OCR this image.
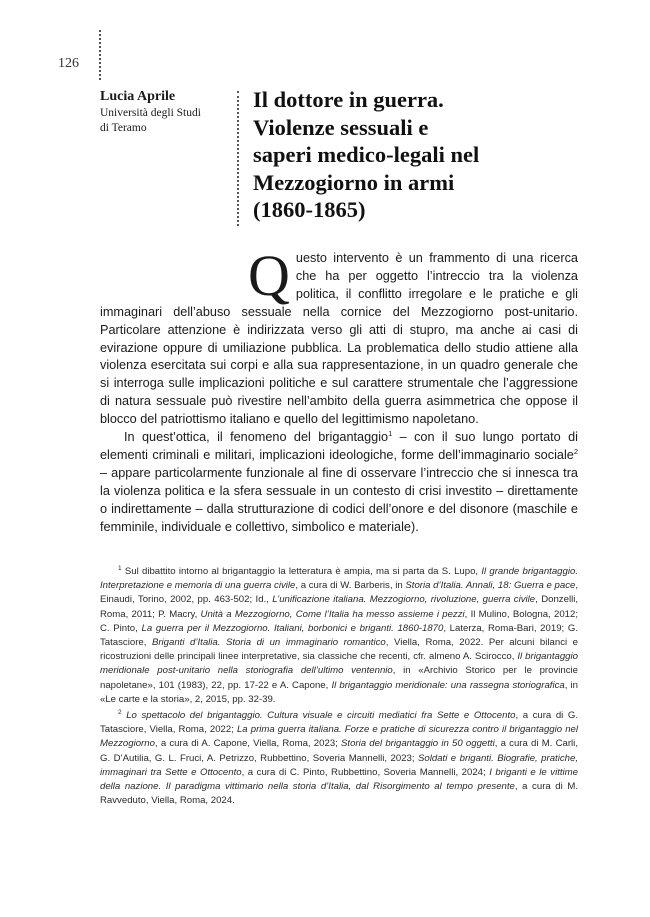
126
Lucia Aprile
Università degli Studi
di Teramo
Il dottore in guerra.
Violenze sessuali e
saperi medico-legali nel
Mezzogiorno in armi
(1860-1865)

Questo intervento è un frammento di una ricerca che ha per oggetto l’intreccio tra la violenza politica, il conflitto irregolare e le pratiche e gli immaginari dell’abuso sessuale nella cornice del Mezzogiorno post-unitario. Particolare attenzione è indirizzata verso gli atti di stupro, ma anche ai casi di evirazione oppure di umiliazione pubblica. La problematica dello studio attiene alla violenza esercitata sui corpi e alla sua rappresentazione, in un quadro generale che si interroga sulle implicazioni politiche e sul carattere strumentale che l’aggressione di natura sessuale può rivestire nell’ambito della guerra asimmetrica che oppose il blocco del patriottismo italiano e quello del legittimismo napoletano.

In quest’ottica, il fenomeno del brigantaggio$^1$ – con il suo lungo portato di elementi criminali e militari, implicazioni ideologiche, forme dell’immaginario sociale$^2$ – appare particolarmente funzionale al fine di osservare l’intreccio che si innesca tra la violenza politica e la sfera sessuale in un contesto di crisi investito – direttamente o indirettamente – dalla strutturazione di codici dell’onore e del disonore (maschile e femminile, individuale e collettivo, simbolico e materiale).

$^1$ Sul dibattito intorno al brigantaggio la letteratura è ampia, ma si parta da S. Lupo, Il grande brigantaggio. Interpretazione e memoria di una guerra civile, a cura di W. Barberis, in Storia d’Italia. Annali, 18: Guerra e pace, Einaudi, Torino, 2002, pp. 463-502; Id., L’unificazione italiana. Mezzogiorno, rivoluzione, guerra civile, Donzelli, Roma, 2011; P. Macry, Unità a Mezzogiorno, Come l’Italia ha messo assieme i pezzi, Il Mulino, Bologna, 2012; C. Pinto, La guerra per il Mezzogiorno. Italiani, borbonici e briganti. 1860-1870, Laterza, Roma-Bari, 2019; G. Tatasciore, Briganti d’Italia. Storia di un immaginario romantico, Viella, Roma, 2022. Per alcuni bilanci e ricostruzioni delle principali linee interpretative, sia classiche che recenti, cfr. almeno A. Scirocco, Il brigantaggio meridionale post-unitario nella storiografia dell’ultimo ventennio, in «Archivio Storico per le provincie napoletane», 101 (1983), 22, pp. 17-22 e A. Capone, Il brigantaggio meridionale: una rassegna storiografica, in «Le carte e la storia», 2, 2015, pp. 32-39.

$^2$ Lo spettacolo del brigantaggio. Cultura visuale e circuiti mediatici fra Sette e Ottocento, a cura di G. Tatasciore, Viella, Roma, 2022; La prima guerra italiana. Forze e pratiche di sicurezza contro il brigantaggio nel Mezzogiorno, a cura di A. Capone, Viella, Roma, 2023; Storia del brigantaggio in 50 oggetti, a cura di M. Carli, G. D’Autilia, G. L. Fruci, A. Petrizzo, Rubbettino, Soveria Mannelli, 2023; Soldati e briganti. Biografie, pratiche, immaginari tra Sette e Ottocento, a cura di C. Pinto, Rubbettino, Soveria Mannelli, 2024; I briganti e le vittime della nazione. Il paradigma vittimario nella storia d’Italia, dal Risorgimento al tempo presente, a cura di M. Ravveduto, Viella, Roma, 2024.
